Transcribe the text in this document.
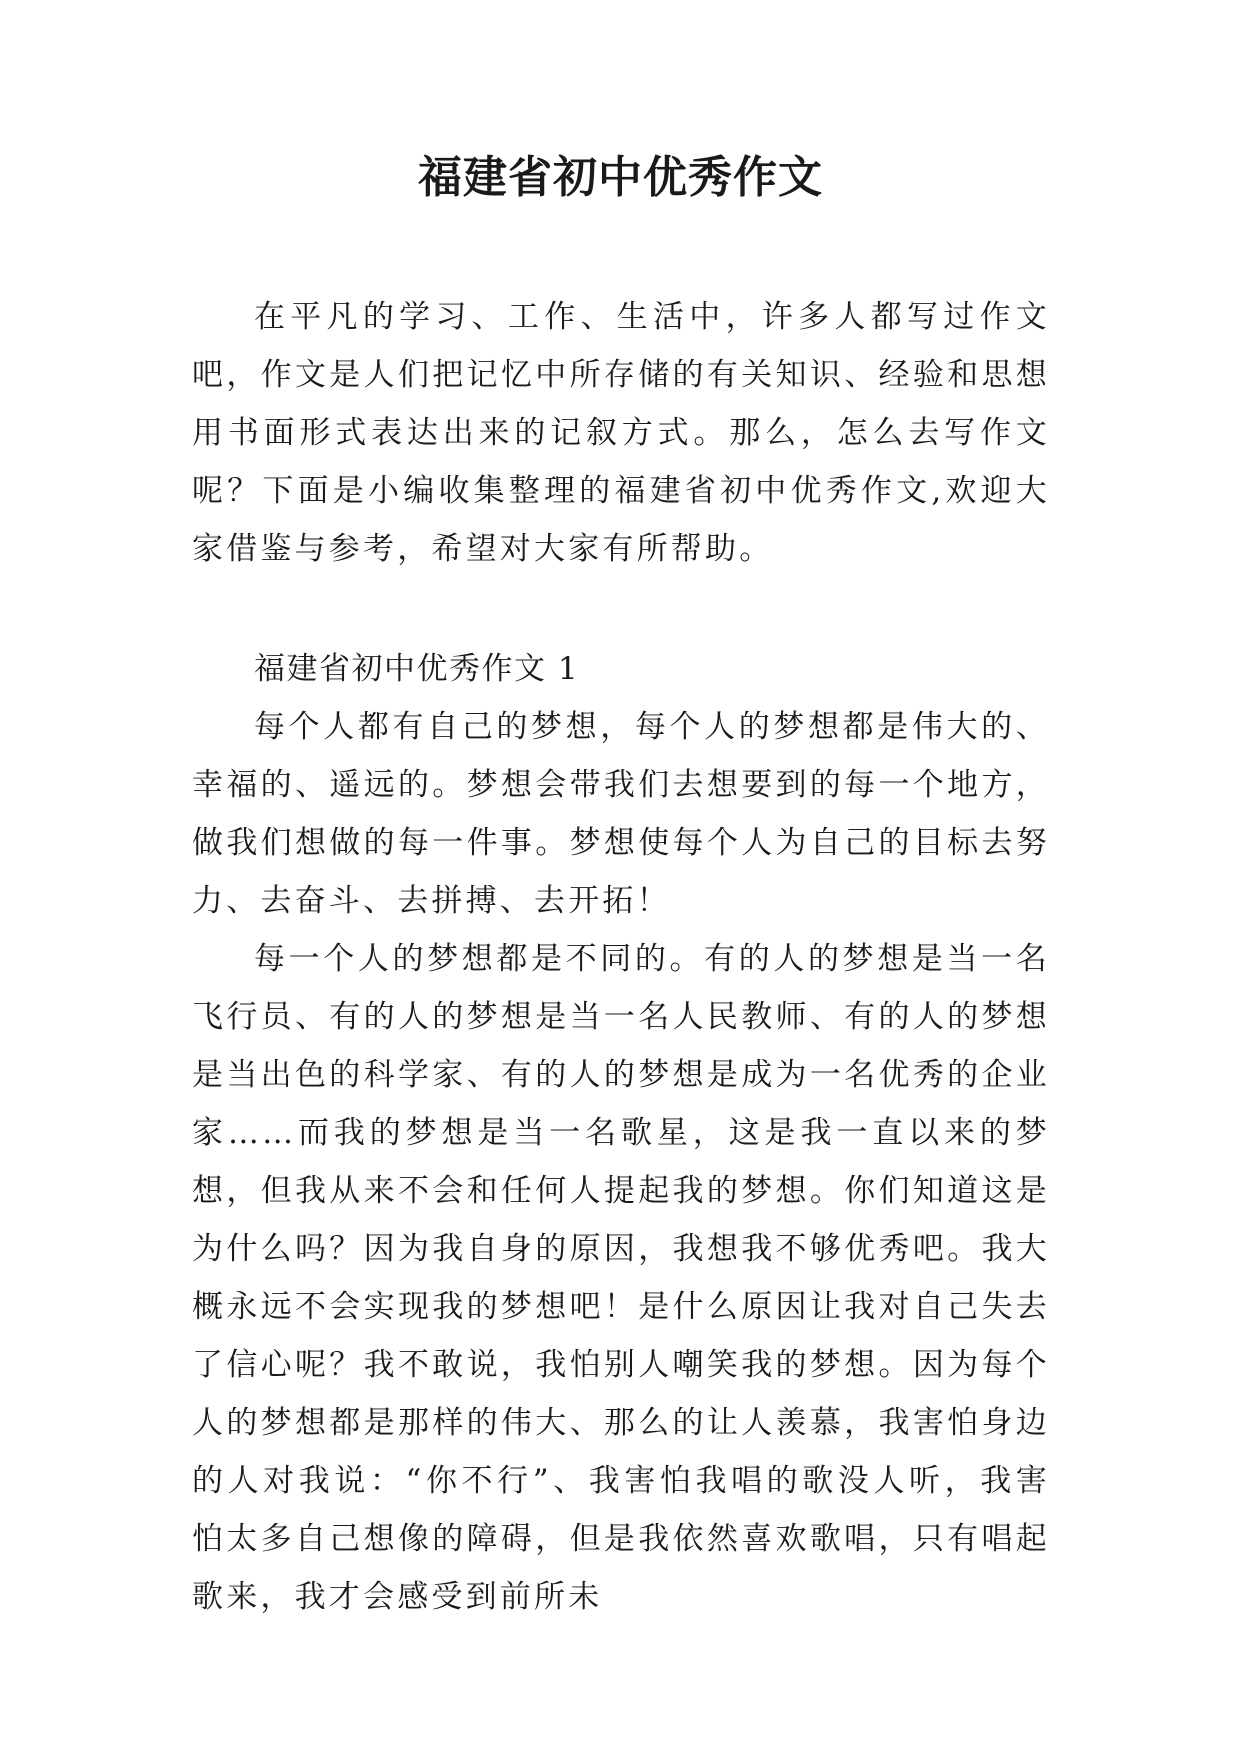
福建省初中优秀作文

在平凡的学习、工作、生活中，许多人都写过作文吧，作文是人们把记忆中所存储的有关知识、经验和思想用书面形式表达出来的记叙方式。那么，怎么去写作文呢？下面是小编收集整理的福建省初中优秀作文,欢迎大家借鉴与参考，希望对大家有所帮助。

福建省初中优秀作文 1

每个人都有自己的梦想，每个人的梦想都是伟大的、幸福的、遥远的。梦想会带我们去想要到的每一个地方，做我们想做的每一件事。梦想使每个人为自己的目标去努力、去奋斗、去拼搏、去开拓！

每一个人的梦想都是不同的。有的人的梦想是当一名飞行员、有的人的梦想是当一名人民教师、有的人的梦想是当出色的科学家、有的人的梦想是成为一名优秀的企业家……而我的梦想是当一名歌星，这是我一直以来的梦想，但我从来不会和任何人提起我的梦想。你们知道这是为什么吗？因为我自身的原因，我想我不够优秀吧。我大概永远不会实现我的梦想吧！是什么原因让我对自己失去了信心呢？我不敢说，我怕别人嘲笑我的梦想。因为每个人的梦想都是那样的伟大、那么的让人羡慕，我害怕身边的人对我说：“你不行”、我害怕我唱的歌没人听，我害怕太多自己想像的障碍，但是我依然喜欢歌唱，只有唱起歌来，我才会感受到前所未
